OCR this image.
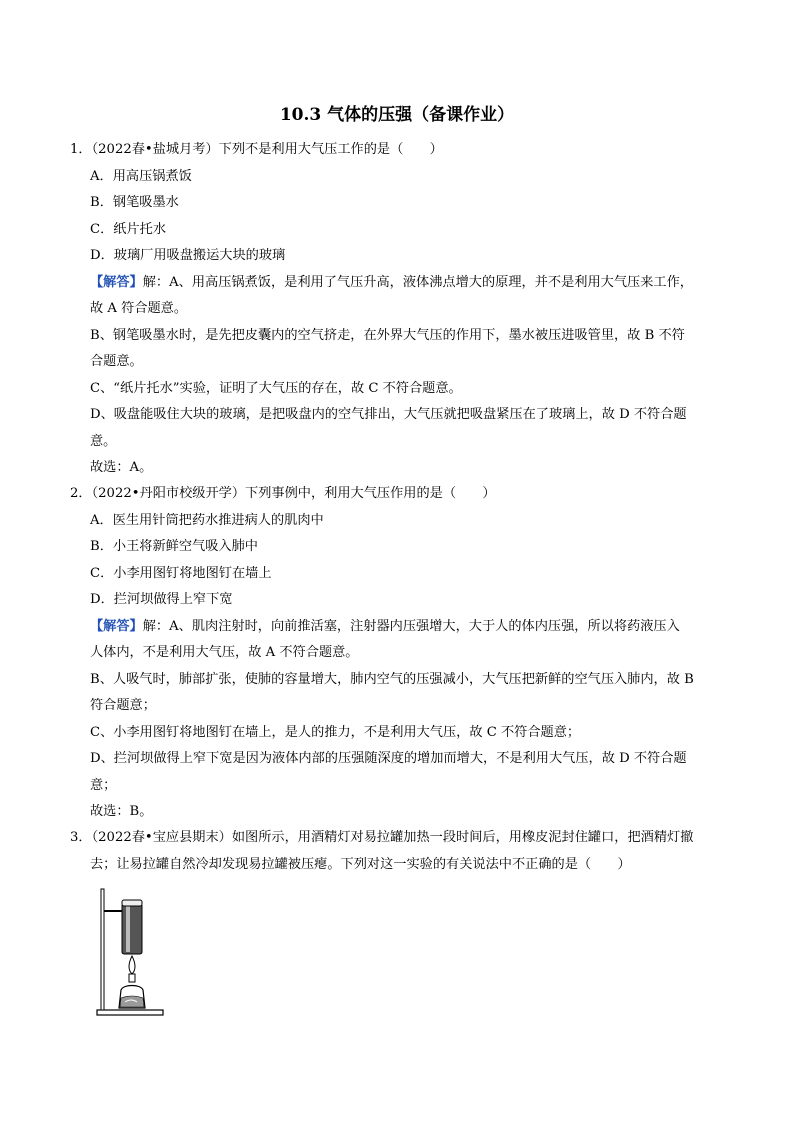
10.3 气体的压强（备课作业）
1．（2022春•盐城月考）下列不是利用大气压工作的是（　　）
A．用高压锅煮饭
B．钢笔吸墨水
C．纸片托水
D．玻璃厂用吸盘搬运大块的玻璃
【解答】解：A、用高压锅煮饭，是利用了气压升高，液体沸点增大的原理，并不是利用大气压来工作，
故 A 符合题意。
B、钢笔吸墨水时，是先把皮囊内的空气挤走，在外界大气压的作用下，墨水被压进吸管里，故 B 不符
合题意。
C、“纸片托水”实验，证明了大气压的存在，故 C 不符合题意。
D、吸盘能吸住大块的玻璃，是把吸盘内的空气排出，大气压就把吸盘紧压在了玻璃上，故 D 不符合题
意。
故选：A。
2．（2022•丹阳市校级开学）下列事例中，利用大气压作用的是（　　）
A．医生用针筒把药水推进病人的肌肉中
B．小王将新鲜空气吸入肺中
C．小李用图钉将地图钉在墙上
D．拦河坝做得上窄下宽
【解答】解：A、肌肉注射时，向前推活塞，注射器内压强增大，大于人的体内压强，所以将药液压入
人体内，不是利用大气压，故 A 不符合题意。
B、人吸气时，肺部扩张，使肺的容量增大，肺内空气的压强减小，大气压把新鲜的空气压入肺内，故 B
符合题意；
C、小李用图钉将地图钉在墙上，是人的推力，不是利用大气压，故 C 不符合题意；
D、拦河坝做得上窄下宽是因为液体内部的压强随深度的增加而增大，不是利用大气压，故 D 不符合题
意；
故选：B。
3．（2022春•宝应县期末）如图所示，用酒精灯对易拉罐加热一段时间后，用橡皮泥封住罐口，把酒精灯撤
去；让易拉罐自然冷却发现易拉罐被压瘪。下列对这一实验的有关说法中不正确的是（　　）
